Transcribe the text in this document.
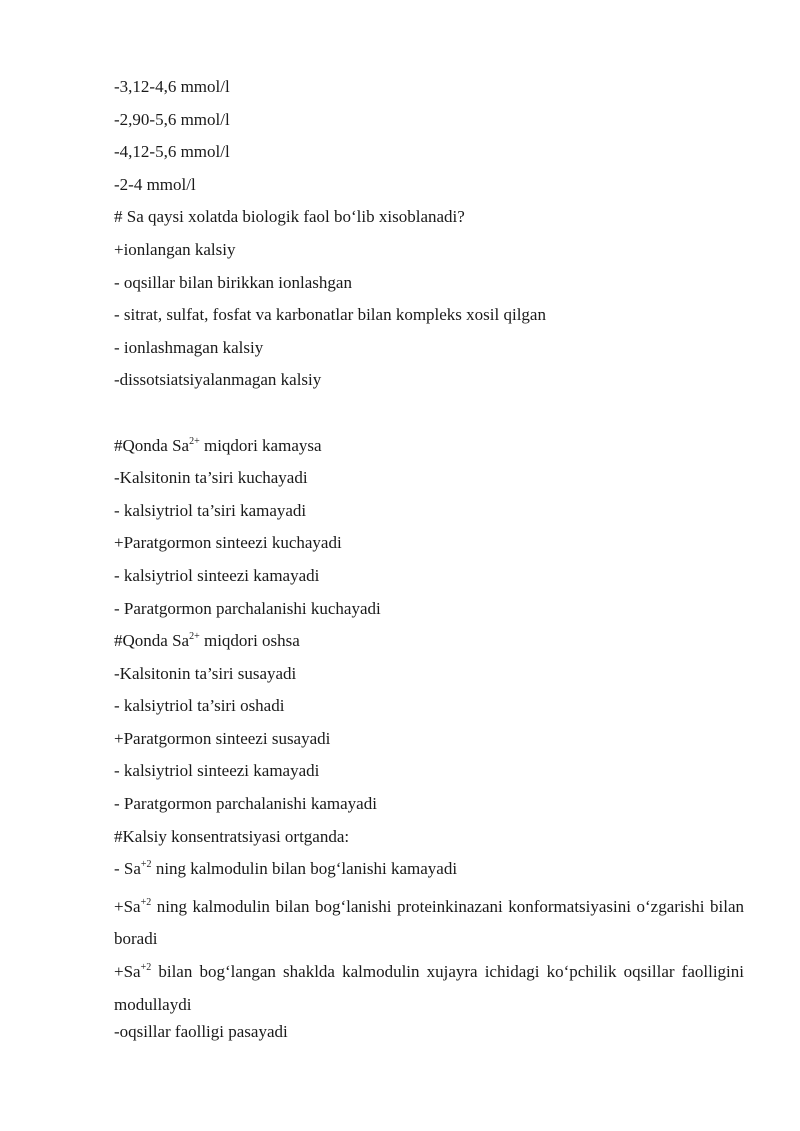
-3,12-4,6 mmol/l
-2,90-5,6 mmol/l
-4,12-5,6 mmol/l
-2-4 mmol/l
# Sa qaysi xolatda biologik faol bo‘lib xisoblanadi?
+ionlangan kalsiy
- oqsillar bilan birikkan ionlashgan
- sitrat, sulfat, fosfat va karbonatlar bilan kompleks xosil qilgan
- ionlashmagan kalsiy
-dissotsiatsiyalanmagan kalsiy
#Qonda $Sa^{2+}$ miqdori kamaysa
-Kalsitonin ta’siri kuchayadi
- kalsiytriol ta’siri kamayadi
+Paratgormon sinteezi kuchayadi
- kalsiytriol sinteezi kamayadi
- Paratgormon parchalanishi kuchayadi
#Qonda $Sa^{2+}$ miqdori oshsa
-Kalsitonin ta’siri susayadi
- kalsiytriol ta’siri oshadi
+Paratgormon sinteezi susayadi
- kalsiytriol sinteezi kamayadi
- Paratgormon parchalanishi kamayadi
#Kalsiy konsentratsiyasi ortganda:
- $Sa^{+2}$ ning kalmodulin bilan bog‘lanishi kamayadi
$+Sa^{+2}$ ning kalmodulin bilan bog‘lanishi proteinkinazani konformatsiyasini o‘zgarishi bilan boradi
$+Sa^{+2}$ bilan bog‘langan shaklda kalmodulin xujayra ichidagi ko‘pchilik oqsillar faolligini modullaydi
-oqsillar faolligi pasayadi
